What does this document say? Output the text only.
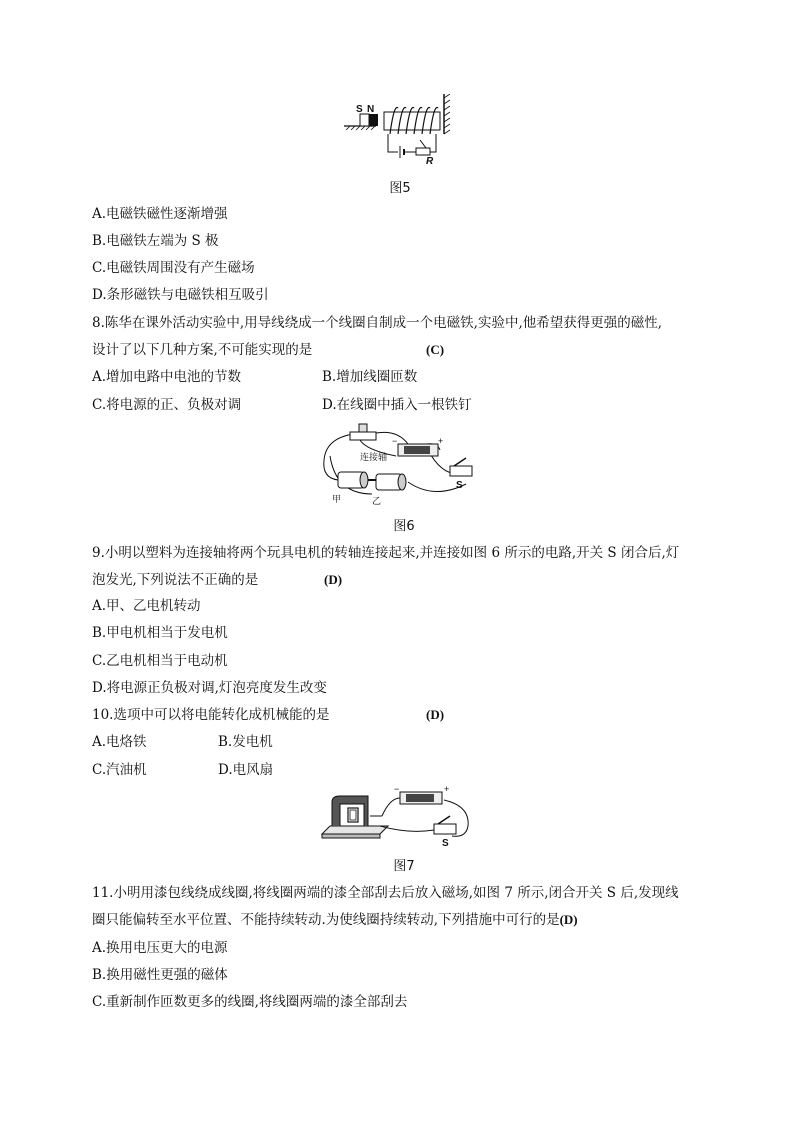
S N
R
图5
A.电磁铁磁性逐渐增强
B.电磁铁左端为 S 极
C.电磁铁周围没有产生磁场
D.条形磁铁与电磁铁相互吸引
8.陈华在课外活动实验中,用导线绕成一个线圈自制成一个电磁铁,实验中,他希望获得更强的磁性,
设计了以下几种方案,不可能实现的是	(C)
A.增加电路中电池的节数	B.增加线圈匝数
C.将电源的正、负极对调	D.在线圈中插入一根铁钉
−	+
连接轴
甲	乙
S
图6
9.小明以塑料为连接轴将两个玩具电机的转轴连接起来,并连接如图 6 所示的电路,开关 S 闭合后,灯
泡发光,下列说法不正确的是	(D)
A.甲、乙电机转动
B.甲电机相当于发电机
C.乙电机相当于电动机
D.将电源正负极对调,灯泡亮度发生改变
10.选项中可以将电能转化成机械能的是	(D)
A.电烙铁	B.发电机
C.汽油机	D.电风扇
−	+
S
图7
11.小明用漆包线绕成线圈,将线圈两端的漆全部刮去后放入磁场,如图 7 所示,闭合开关 S 后,发现线
圈只能偏转至水平位置、不能持续转动.为使线圈持续转动,下列措施中可行的是(D)
A.换用电压更大的电源
B.换用磁性更强的磁体
C.重新制作匝数更多的线圈,将线圈两端的漆全部刮去
